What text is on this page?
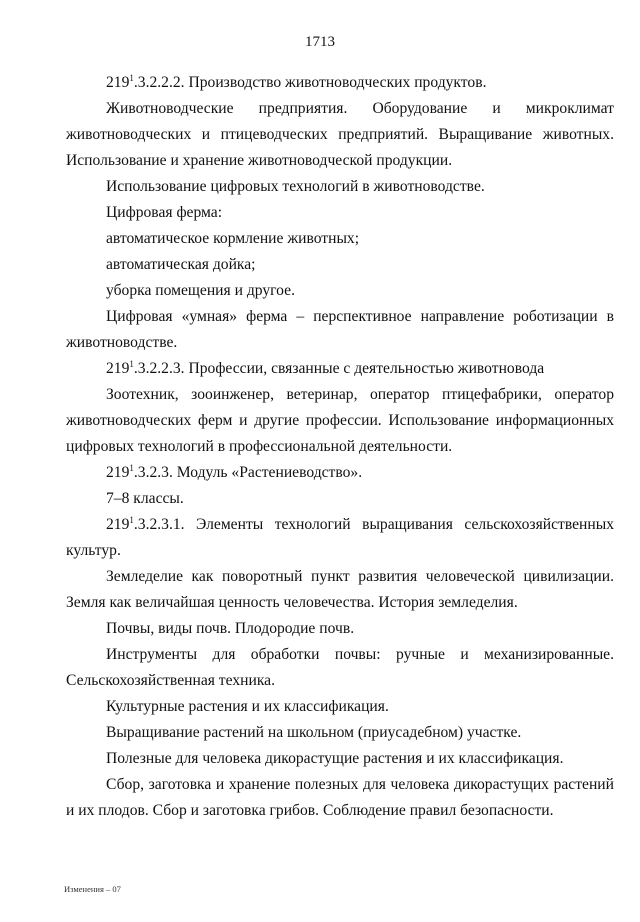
1713

$219^1.3.2.2.2$. Производство животноводческих продуктов.

Животноводческие предприятия. Оборудование и микроклимат животноводческих и птицеводческих предприятий. Выращивание животных. Использование и хранение животноводческой продукции.

Использование цифровых технологий в животноводстве.

Цифровая ферма:

автоматическое кормление животных;

автоматическая дойка;

уборка помещения и другое.

Цифровая «умная» ферма – перспективное направление роботизации в животноводстве.

$219^1.3.2.2.3$. Профессии, связанные с деятельностью животновода

Зоотехник, зооинженер, ветеринар, оператор птицефабрики, оператор животноводческих ферм и другие профессии. Использование информационных цифровых технологий в профессиональной деятельности.

$219^1.3.2.3$. Модуль «Растениеводство».

7–8 классы.

$219^1.3.2.3.1$. Элементы технологий выращивания сельскохозяйственных культур.

Земледелие как поворотный пункт развития человеческой цивилизации. Земля как величайшая ценность человечества. История земледелия.

Почвы, виды почв. Плодородие почв.

Инструменты для обработки почвы: ручные и механизированные. Сельскохозяйственная техника.

Культурные растения и их классификация.

Выращивание растений на школьном (приусадебном) участке.

Полезные для человека дикорастущие растения и их классификация.

Сбор, заготовка и хранение полезных для человека дикорастущих растений и их плодов. Сбор и заготовка грибов. Соблюдение правил безопасности.

Изменения – 07
